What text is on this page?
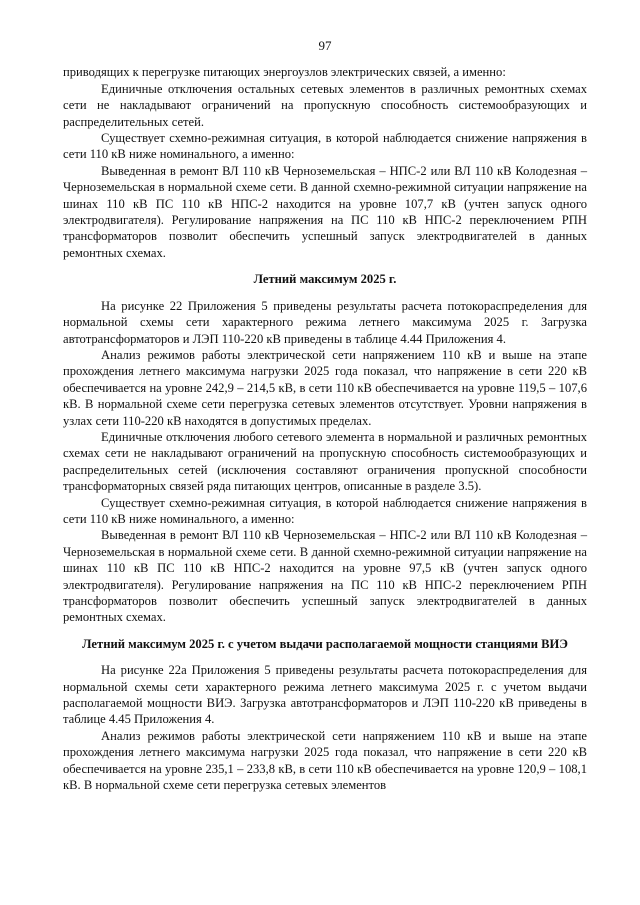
97

приводящих к перегрузке питающих энергоузлов электрических связей, а именно:

Единичные отключения остальных сетевых элементов в различных ремонтных схемах сети не накладывают ограничений на пропускную способность системообразующих и распределительных сетей.

Существует схемно-режимная ситуация, в которой наблюдается снижение напряжения в сети 110 кВ ниже номинального, а именно:

Выведенная в ремонт ВЛ 110 кВ Черноземельская – НПС-2 или ВЛ 110 кВ Колодезная – Черноземельская в нормальной схеме сети. В данной схемно-режимной ситуации напряжение на шинах 110 кВ ПС 110 кВ НПС-2 находится на уровне 107,7 кВ (учтен запуск одного электродвигателя). Регулирование напряжения на ПС 110 кВ НПС-2 переключением РПН трансформаторов позволит обеспечить успешный запуск электродвигателей в данных ремонтных схемах.

Летний максимум 2025 г.

На рисунке 22 Приложения 5 приведены результаты расчета потокораспределения для нормальной схемы сети характерного режима летнего максимума 2025 г. Загрузка автотрансформаторов и ЛЭП 110-220 кВ приведены в таблице 4.44 Приложения 4.

Анализ режимов работы электрической сети напряжением 110 кВ и выше на этапе прохождения летнего максимума нагрузки 2025 года показал, что напряжение в сети 220 кВ обеспечивается на уровне 242,9 – 214,5 кВ, в сети 110 кВ обеспечивается на уровне 119,5 – 107,6 кВ. В нормальной схеме сети перегрузка сетевых элементов отсутствует. Уровни напряжения в узлах сети 110-220 кВ находятся в допустимых пределах.

Единичные отключения любого сетевого элемента в нормальной и различных ремонтных схемах сети не накладывают ограничений на пропускную способность системообразующих и распределительных сетей (исключения составляют ограничения пропускной способности трансформаторных связей ряда питающих центров, описанные в разделе 3.5).

Существует схемно-режимная ситуация, в которой наблюдается снижение напряжения в сети 110 кВ ниже номинального, а именно:

Выведенная в ремонт ВЛ 110 кВ Черноземельская – НПС-2 или ВЛ 110 кВ Колодезная – Черноземельская в нормальной схеме сети. В данной схемно-режимной ситуации напряжение на шинах 110 кВ ПС 110 кВ НПС-2 находится на уровне 97,5 кВ (учтен запуск одного электродвигателя). Регулирование напряжения на ПС 110 кВ НПС-2 переключением РПН трансформаторов позволит обеспечить успешный запуск электродвигателей в данных ремонтных схемах.

Летний максимум 2025 г. с учетом выдачи располагаемой мощности станциями ВИЭ

На рисунке 22а Приложения 5 приведены результаты расчета потокораспределения для нормальной схемы сети характерного режима летнего максимума 2025 г. с учетом выдачи располагаемой мощности ВИЭ. Загрузка автотрансформаторов и ЛЭП 110-220 кВ приведены в таблице 4.45 Приложения 4.

Анализ режимов работы электрической сети напряжением 110 кВ и выше на этапе прохождения летнего максимума нагрузки 2025 года показал, что напряжение в сети 220 кВ обеспечивается на уровне 235,1 – 233,8 кВ, в сети 110 кВ обеспечивается на уровне 120,9 – 108,1 кВ. В нормальной схеме сети перегрузка сетевых элементов
